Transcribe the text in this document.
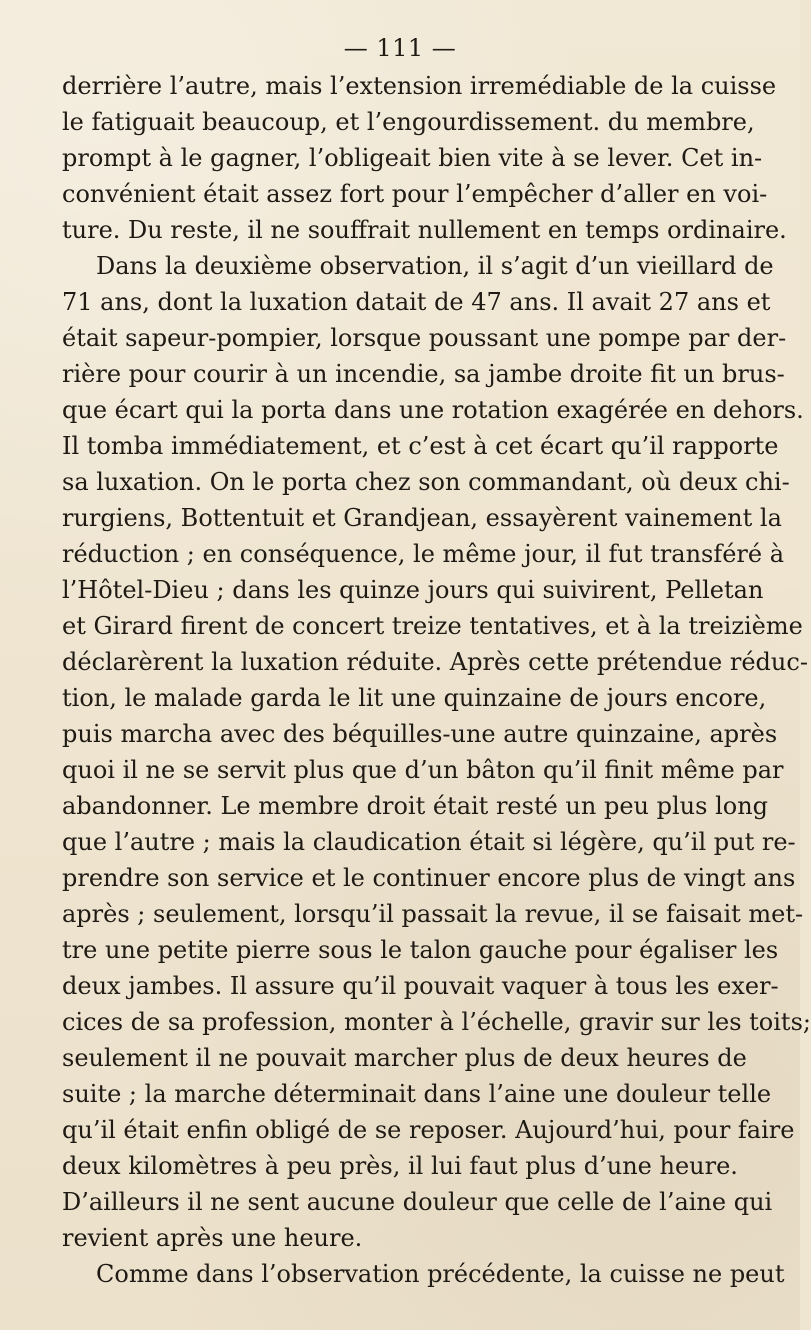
— 111 —
derrière l’autre, mais l’extension irremédiable de la cuisse
le fatiguait beaucoup, et l’engourdissement. du membre,
prompt à le gagner, l’obligeait bien vite à se lever. Cet in-
convénient était assez fort pour l’empêcher d’aller en voi-
ture. Du reste, il ne souffrait nullement en temps ordinaire.
Dans la deuxième observation, il s’agit d’un vieillard de
71 ans, dont la luxation datait de 47 ans. Il avait 27 ans et
était sapeur-pompier, lorsque poussant une pompe par der-
rière pour courir à un incendie, sa jambe droite fit un brus-
que écart qui la porta dans une rotation exagérée en dehors.
Il tomba immédiatement, et c’est à cet écart qu’il rapporte
sa luxation. On le porta chez son commandant, où deux chi-
rurgiens, Bottentuit et Grandjean, essayèrent vainement la
réduction ; en conséquence, le même jour, il fut transféré à
l’Hôtel-Dieu ; dans les quinze jours qui suivirent, Pelletan
et Girard firent de concert treize tentatives, et à la treizième
déclarèrent la luxation réduite. Après cette prétendue réduc-
tion, le malade garda le lit une quinzaine de jours encore,
puis marcha avec des béquilles-une autre quinzaine, après
quoi il ne se servit plus que d’un bâton qu’il finit même par
abandonner. Le membre droit était resté un peu plus long
que l’autre ; mais la claudication était si légère, qu’il put re-
prendre son service et le continuer encore plus de vingt ans
après ; seulement, lorsqu’il passait la revue, il se faisait met-
tre une petite pierre sous le talon gauche pour égaliser les
deux jambes. Il assure qu’il pouvait vaquer à tous les exer-
cices de sa profession, monter à l’échelle, gravir sur les toits;
seulement il ne pouvait marcher plus de deux heures de
suite ; la marche déterminait dans l’aine une douleur telle
qu’il était enfin obligé de se reposer. Aujourd’hui, pour faire
deux kilomètres à peu près, il lui faut plus d’une heure.
D’ailleurs il ne sent aucune douleur que celle de l’aine qui
revient après une heure.
Comme dans l’observation précédente, la cuisse ne peut
